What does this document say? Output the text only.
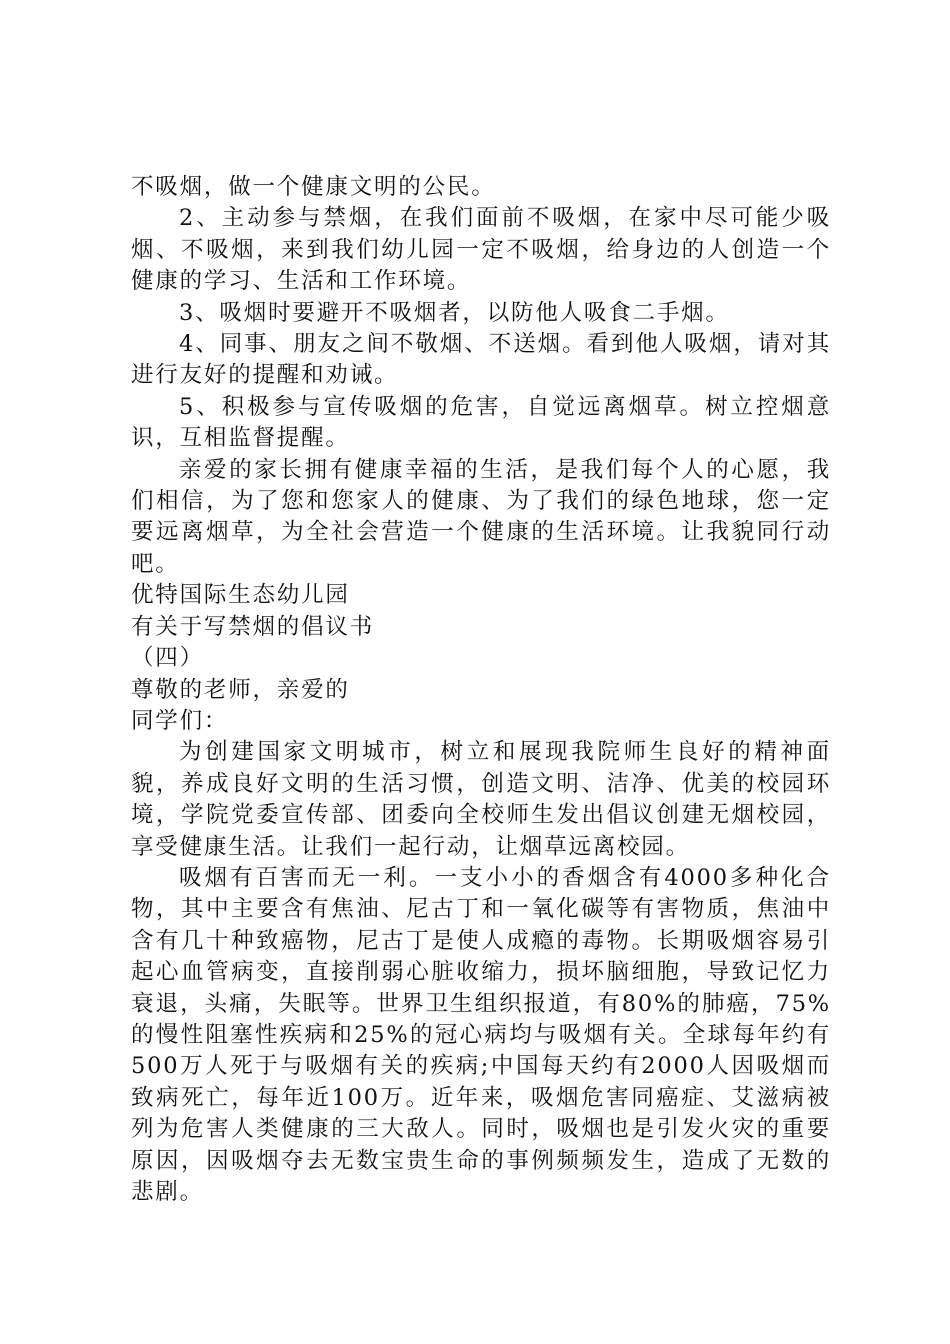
不吸烟，做一个健康文明的公民。

2、主动参与禁烟，在我们面前不吸烟，在家中尽可能少吸烟、不吸烟，来到我们幼儿园一定不吸烟，给身边的人创造一个健康的学习、生活和工作环境。

3、吸烟时要避开不吸烟者，以防他人吸食二手烟。

4、同事、朋友之间不敬烟、不送烟。看到他人吸烟，请对其进行友好的提醒和劝诫。

5、积极参与宣传吸烟的危害，自觉远离烟草。树立控烟意识，互相监督提醒。

亲爱的家长拥有健康幸福的生活，是我们每个人的心愿，我们相信，为了您和您家人的健康、为了我们的绿色地球，您一定要远离烟草，为全社会营造一个健康的生活环境。让我貌同行动吧。

优特国际生态幼儿园

有关于写禁烟的倡议书

（四）

尊敬的老师，亲爱的

同学们：

为创建国家文明城市，树立和展现我院师生良好的精神面貌，养成良好文明的生活习惯，创造文明、洁净、优美的校园环境，学院党委宣传部、团委向全校师生发出倡议创建无烟校园，享受健康生活。让我们一起行动，让烟草远离校园。

吸烟有百害而无一利。一支小小的香烟含有4000多种化合物，其中主要含有焦油、尼古丁和一氧化碳等有害物质，焦油中含有几十种致癌物，尼古丁是使人成瘾的毒物。长期吸烟容易引起心血管病变，直接削弱心脏收缩力，损坏脑细胞，导致记忆力衰退，头痛，失眠等。世界卫生组织报道，有80%的肺癌，75%的慢性阻塞性疾病和25%的冠心病均与吸烟有关。全球每年约有500万人死于与吸烟有关的疾病;中国每天约有2000人因吸烟而致病死亡，每年近100万。近年来，吸烟危害同癌症、艾滋病被列为危害人类健康的三大敌人。同时，吸烟也是引发火灾的重要原因，因吸烟夺去无数宝贵生命的事例频频发生，造成了无数的悲剧。
